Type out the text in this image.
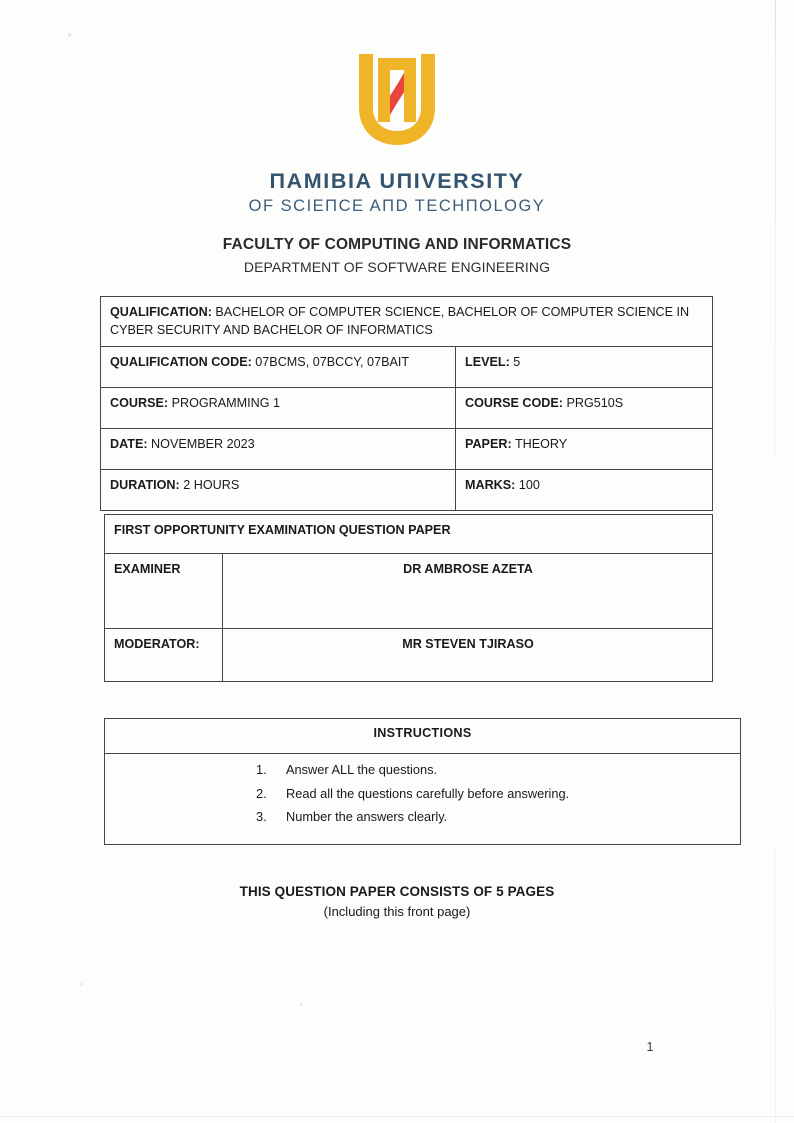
ΠAMIBIA UΠIVERSITY
OF SCIEΠCE AΠD TECHΠOLOGY
FACULTY OF COMPUTING AND INFORMATICS
DEPARTMENT OF SOFTWARE ENGINEERING
QUALIFICATION: BACHELOR OF COMPUTER SCIENCE, BACHELOR OF COMPUTER SCIENCE IN CYBER SECURITY AND BACHELOR OF INFORMATICS	
QUALIFICATION CODE: 07BCMS, 07BCCY, 07BAIT	LEVEL: 5
COURSE: PROGRAMMING 1	COURSE CODE: PRG510S
DATE: NOVEMBER 2023	PAPER: THEORY
DURATION: 2 HOURS	MARKS: 100
FIRST OPPORTUNITY EXAMINATION QUESTION PAPER	
EXAMINER	DR AMBROSE AZETA
MODERATOR:	MR STEVEN TJIRASO
INSTRUCTIONS

Answer ALL the questions.
Read all the questions carefully before answering.
Number the answers clearly.
THIS QUESTION PAPER CONSISTS OF 5 PAGES
(Including this front page)
1
